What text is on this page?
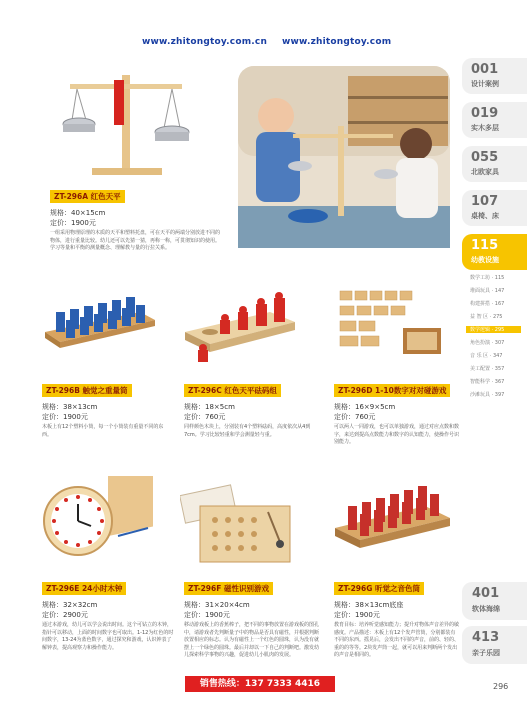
www.zhitongtoy.com.cn www.zhitongtoy.com
ZT-296A 红色天平
规格：40×15cm
定价：1900元
一组采用物理原理的木质的天平和塑料托盘，可在天平的两端分别放进不同的物体，进行重量比较。幼儿还可以先猜一猜，再称一称，可贯彻知识的使用。学习等量和平衡的测量概念、理解教与量的行拉关系。
ZT-296B 触觉之重量筒
规格：38×13cm
定价：1900元
木板上有12个塑料小筒，每一个小筒装有重量不同的东西。
ZT-296C 红色天平砝码组
规格：18×5cm
定价：760元
同样颜色木块上，分别装有4个塑料砝码，高度依次从4到7cm。学习比较轻重和学会测量轻与重。
ZT-296D 1-10数字对对碰游戏
规格：16×9×5cm
定价：760元
可以两人一同游戏，也可以单独游戏，通过对应点数和数字，来达到提高点数能力和数字的认知能力，使操作号识别能力。
ZT-296E 24小时木钟
规格：32×32cm
定价：2900元
通过本游戏，幼儿可以学会说出时间。这个可钻立的木钟，指针可以移动，上面的时间数字也可取出。1-12为红色的时间数字，13-24为蓝色数字，通过探究和游戏，认识钟表了解钟表，提高观察力和操作能力。
ZT-296F 磁性识别游戏
规格：31×20×4cm
定价：1900元
移动游戏板上的香蕉棒子，把不同的事物放置在游戏板的图孔中，请游戏者先判断量子中的物品是否具有磁性，并根据判断放置相应的标志。认为有磁性上一个红色的圆珠，认为没有就摆上一个绿色的圆珠。最后并却以一下自己的判断吧。激发幼儿探索科学事物的兴趣，促进幼儿小肌肉的发展。
ZT-296G 听觉之音色筒
规格：38×13cm底座
定价：1900元
教育目标：培养听觉感知能力；提升对物体声音差异的敏感度。产品描述：木板上有12个发声管筒，分别都装有不同的东西。摇晃后，会发出不同的声音，前的、轻的、重的的等等。2块发声筒一起，就可以用来判断两个发出的声音是相同的。
001
设计案例
019
实木多层
055
北欧家具
107
桌椅、床
115
幼教设施
数学工坊 · 115
堆面玩具 · 147
构建拼搭 · 167
益 智 区 · 275
数学逻辑 · 295
角色扮演 · 307
音 乐 区 · 347
美工配置 · 357
智能科学 · 367
沙滩玩具 · 397
401
软体海绵
413
亲子乐园
销售热线：137 7333 4416	296
